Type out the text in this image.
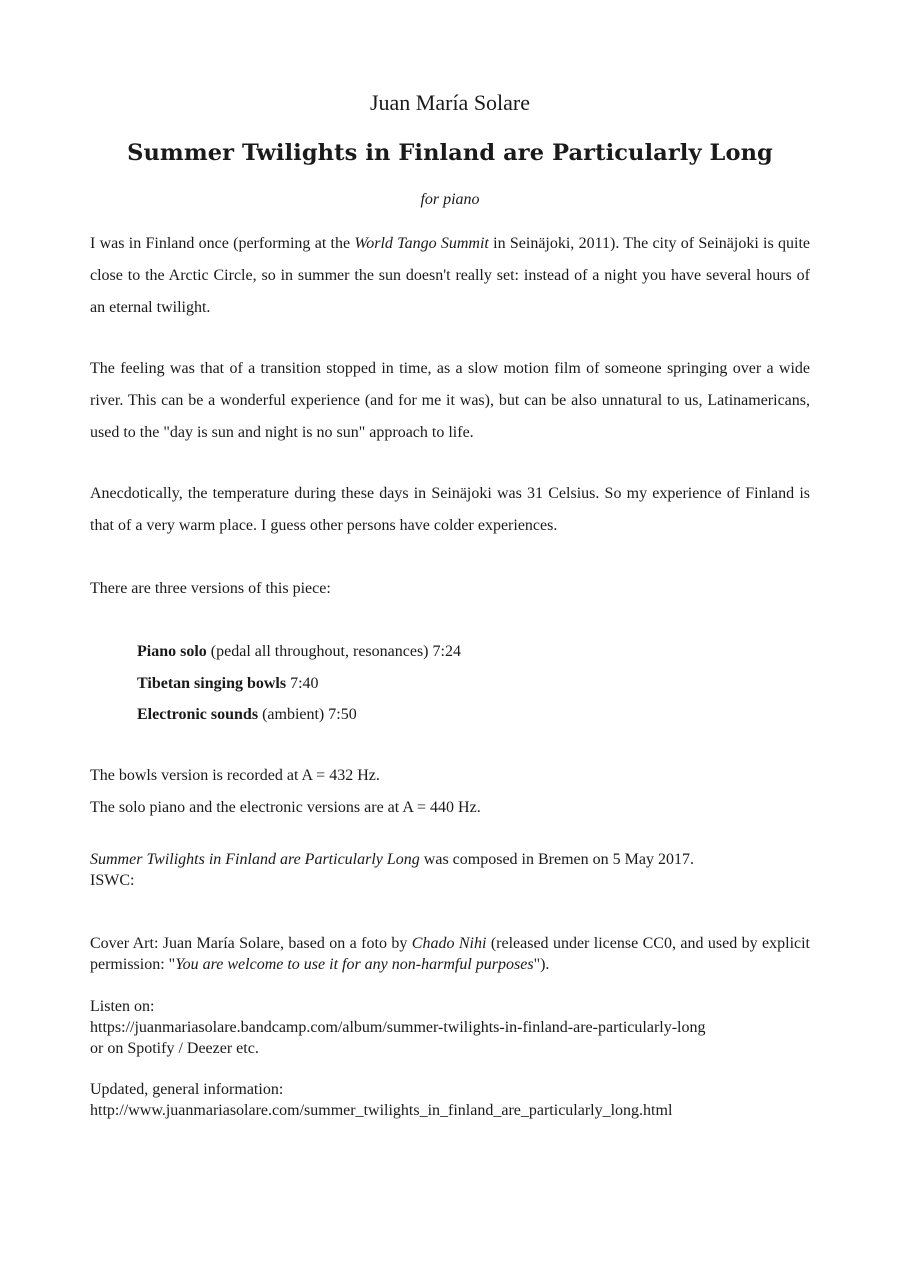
Juan María Solare
Summer Twilights in Finland are Particularly Long
for piano

I was in Finland once (performing at the World Tango Summit in Seinäjoki, 2011). The city of Seinäjoki is quite close to the Arctic Circle, so in summer the sun doesn't really set: instead of a night you have several hours of an eternal twilight.

The feeling was that of a transition stopped in time, as a slow motion film of someone springing over a wide river. This can be a wonderful experience (and for me it was), but can be also unnatural to us, Latinamericans, used to the "day is sun and night is no sun" approach to life.

Anecdotically, the temperature during these days in Seinäjoki was 31 Celsius. So my experience of Finland is that of a very warm place. I guess other persons have colder experiences.

There are three versions of this piece:

Piano solo (pedal all throughout, resonances) 7:24
Tibetan singing bowls 7:40
Electronic sounds (ambient) 7:50

The bowls version is recorded at A = 432 Hz.

The solo piano and the electronic versions are at A = 440 Hz.

Summer Twilights in Finland are Particularly Long was composed in Bremen on 5 May 2017.

ISWC:

Cover Art: Juan María Solare, based on a foto by Chado Nihi (released under license CC0, and used by explicit permission: "You are welcome to use it for any non-harmful purposes").

Listen on:

https://juanmariasolare.bandcamp.com/album/summer-twilights-in-finland-are-particularly-long

or on Spotify / Deezer etc.

Updated, general information:

http://www.juanmariasolare.com/summer_twilights_in_finland_are_particularly_long.html
